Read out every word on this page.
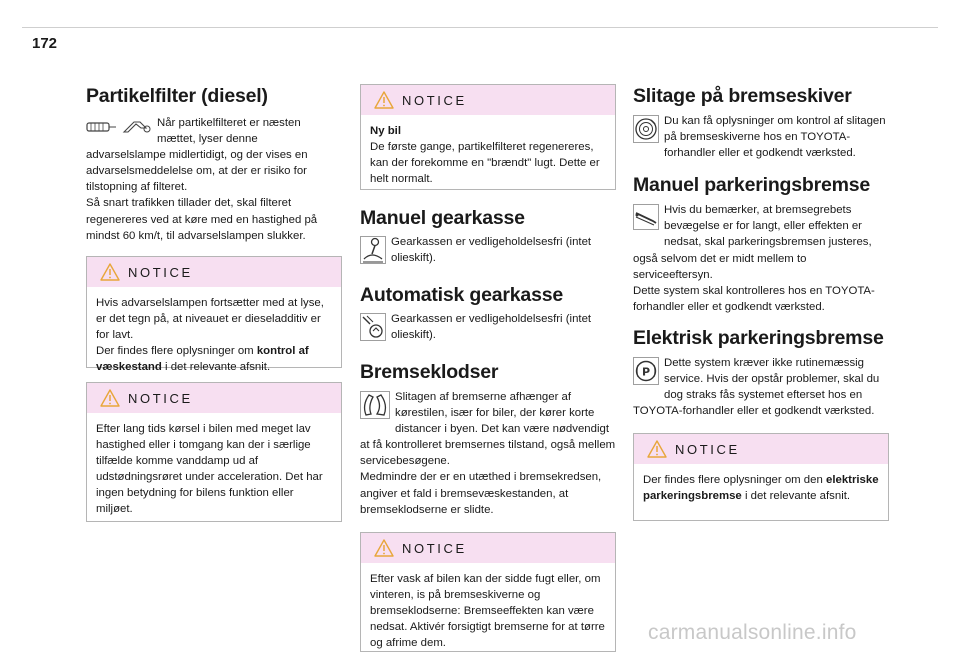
172
Partikelfilter (diesel)

Når partikelfilteret er næsten

mættet, lyser denne

advarselslampe midlertidigt, og der vises en advarselsmeddelelse om, at der er risiko for tilstopning af filteret.

Så snart trafikken tillader det, skal filteret regenereres ved at køre med en hastighed på mindst 60 km/t, til advarselslampen slukker.

NOTICE
Hvis advarselslampen fortsætter med at lyse, er det tegn på, at niveauet er dieseladditiv er for lavt.
Der findes flere oplysninger om kontrol af væskestand i det relevante afsnit.
NOTICE
Efter lang tids kørsel i bilen med meget lav hastighed eller i tomgang kan der i særlige tilfælde komme vanddamp ud af udstødningsrøret under acceleration. Det har ingen betydning for bilens funktion eller miljøet.
NOTICE
Ny bil
De første gange, partikelfilteret regenereres, kan der forekomme en "brændt" lugt. Dette er helt normalt.
Manuel gearkasse

Gearkassen er vedligeholdelsesfri (intet olieskift).

Automatisk gearkasse

Gearkassen er vedligeholdelsesfri (intet olieskift).

Bremseklodser

Slitagen af bremserne afhænger af kørestilen, især for biler, der kører korte distancer i byen. Det kan være nødvendigt at få kontrolleret bremsernes tilstand, også mellem servicebesøgene.

Medmindre der er en utæthed i bremsekredsen, angiver et fald i bremsevæskestanden, at bremseklodserne er slidte.

NOTICE
Efter vask af bilen kan der sidde fugt eller, om vinteren, is på bremseskiverne og bremseklodserne: Bremseeffekten kan være nedsat. Aktivér forsigtigt bremserne for at tørre og afrime dem.
Slitage på bremseskiver

Du kan få oplysninger om kontrol af slitagen på bremseskiverne hos en TOYOTA-forhandler eller et godkendt værksted.

Manuel parkeringsbremse

Hvis du bemærker, at bremsegrebets bevægelse er for langt, eller effekten er nedsat, skal parkeringsbremsen justeres, også selvom det er midt mellem to serviceeftersyn.

Dette system skal kontrolleres hos en TOYOTA-forhandler eller et godkendt værksted.

Elektrisk parkeringsbremse
P

Dette system kræver ikke rutinemæssig service. Hvis der opstår problemer, skal du dog straks fås systemet efterset hos en TOYOTA-forhandler eller et godkendt værksted.

NOTICE
Der findes flere oplysninger om den elektriske parkeringsbremse i det relevante afsnit.
carmanualsonline.info
